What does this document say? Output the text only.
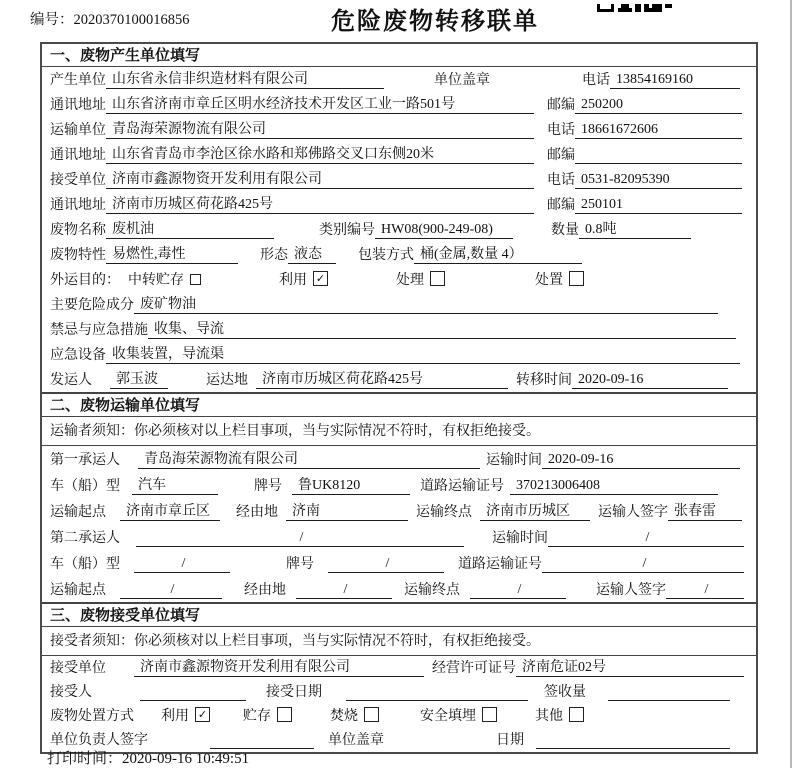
编号：2020370100016856	危险废物转移联单
一、废物产生单位填写
产生单位 山东省永信非织造材料有限公司	单位盖章	电话 13854169160
通讯地址 山东省济南市章丘区明水经济技术开发区工业一路501号	邮编 250200
运输单位 青岛海荣源物流有限公司	电话 18661672606
通讯地址 山东省青岛市李沧区徐水路和郑佛路交叉口东侧20米	邮编
接受单位 济南市鑫源物资开发利用有限公司	电话 0531-82095390
通讯地址 济南市历城区荷花路425号	邮编 250101
废物名称 废机油	类别编号 HW08(900-249-08)	数量 0.8吨
废物特性 易燃性,毒性	形态 液态	包装方式 桶(金属,数量 4）
外运目的： 中转贮存	利用 ✓	处理	处置
主要危险成分 废矿物油
禁忌与应急措施 收集、导流
应急设备 收集装置，导流渠
发运人	郭玉波	运达地	济南市历城区荷花路425号	转移时间 2020-09-16
二、废物运输单位填写
运输者须知：你必须核对以上栏目事项，当与实际情况不符时，有权拒绝接受。
第一承运人	青岛海荣源物流有限公司	运输时间 2020-09-16
车（船）型	汽车	牌号	鲁UK8120	道路运输证号 370213006408
运输起点	济南市章丘区	经由地	济南	运输终点	济南市历城区	运输人签字 张春雷
第二承运人	/	运输时间	/
车（船）型	/	牌号	/	道路运输证号	/
运输起点	/	经由地	/	运输终点	/	运输人签字	/
三、废物接受单位填写
接受者须知：你必须核对以上栏目事项，当与实际情况不符时，有权拒绝接受。
接受单位	济南市鑫源物资开发利用有限公司	经营许可证号 济南危证02号
接受人	接受日期	签收量
废物处置方式 利用 ✓	贮存	焚烧	安全填埋	其他
单位负责人签字	单位盖章	日期
打印时间：2020-09-16 10:49:51
